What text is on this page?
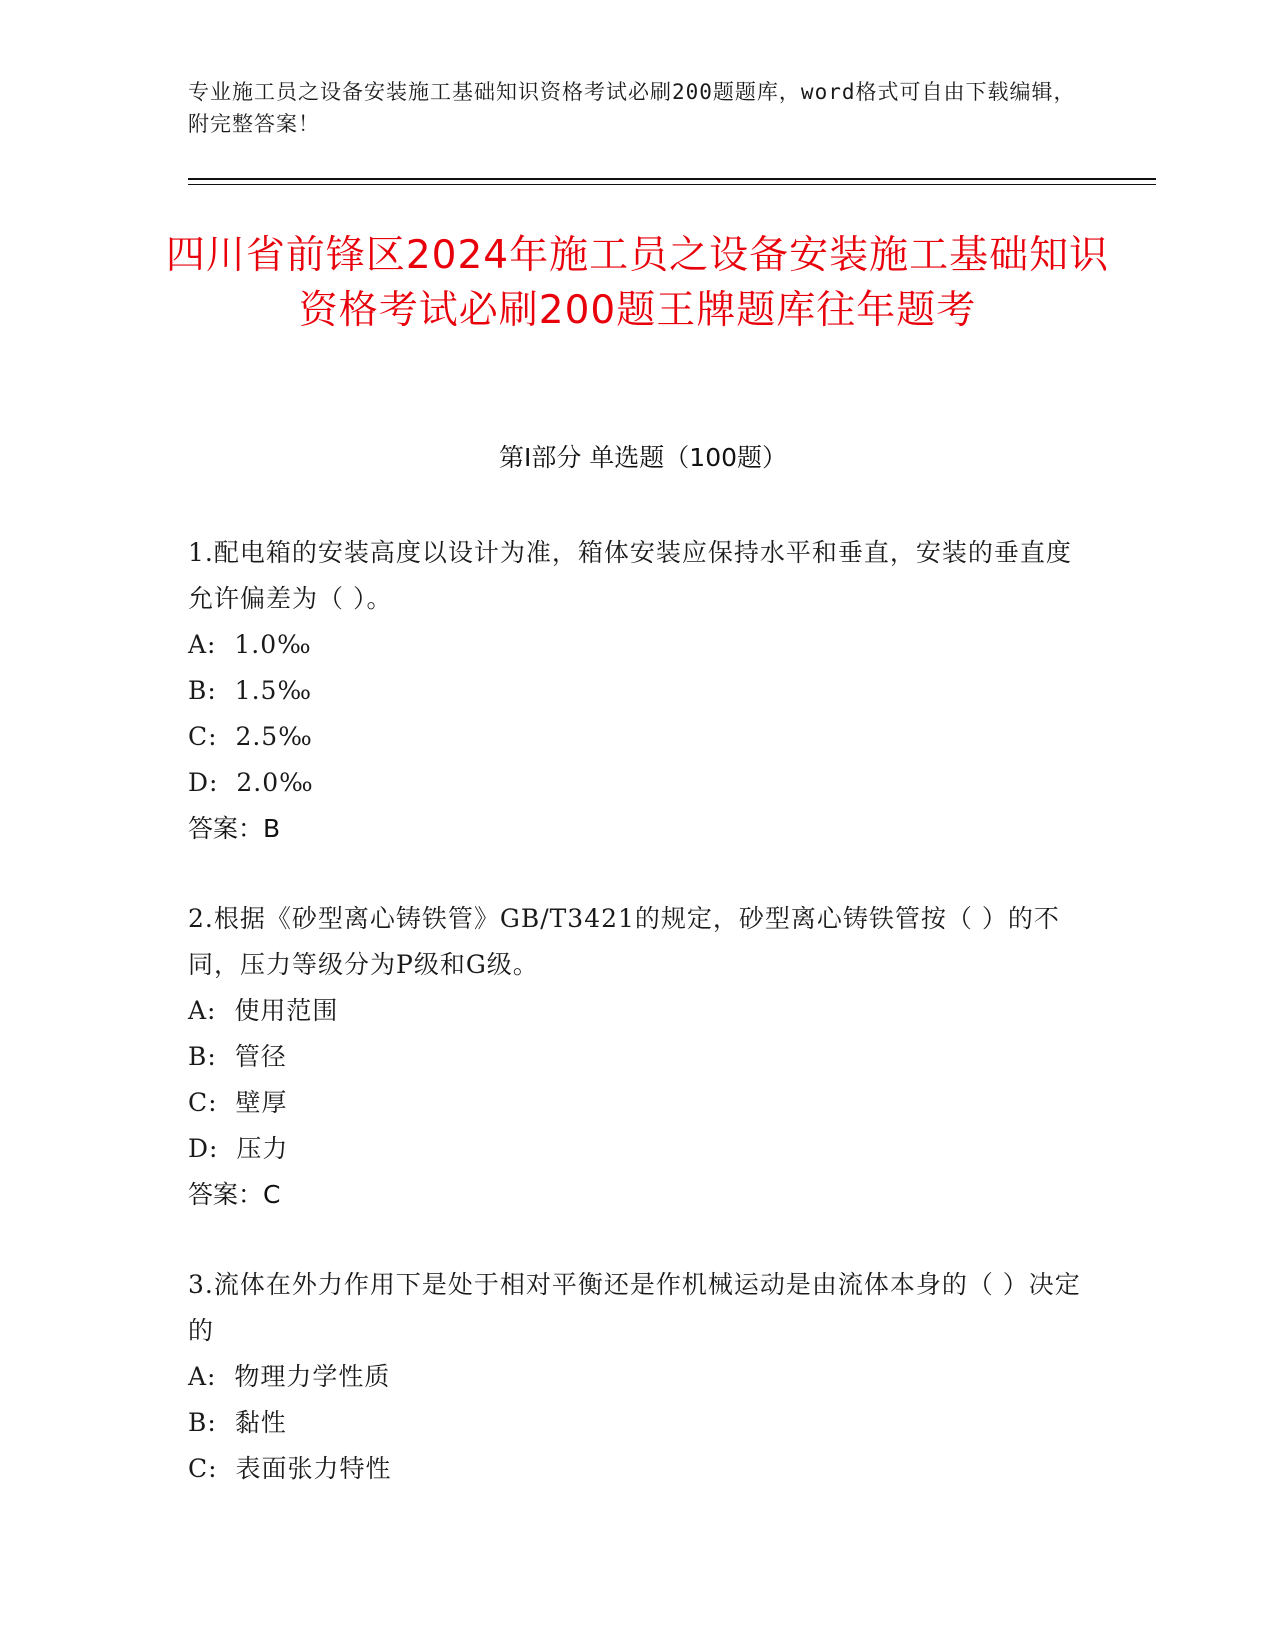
专业施工员之设备安装施工基础知识资格考试必刷200题题库，word格式可自由下载编辑，附完整答案！
四川省前锋区2024年施工员之设备安装施工基础知识资格考试必刷200题王牌题库往年题考
第Ⅰ部分 单选题（100题）

1.配电箱的安装高度以设计为准，箱体安装应保持水平和垂直，安装的垂直度允许偏差为（ ）。

A:  1.0‰
B:  1.5‰
C:  2.5‰
D:  2.0‰
答案：B

2.根据《砂型离心铸铁管》GB/T3421的规定，砂型离心铸铁管按（ ）的不同，压力等级分为P级和G级。

A:  使用范围
B:  管径
C:  壁厚
D:  压力
答案：C

3.流体在外力作用下是处于相对平衡还是作机械运动是由流体本身的（ ）决定的

A:  物理力学性质
B:  黏性
C:  表面张力特性
